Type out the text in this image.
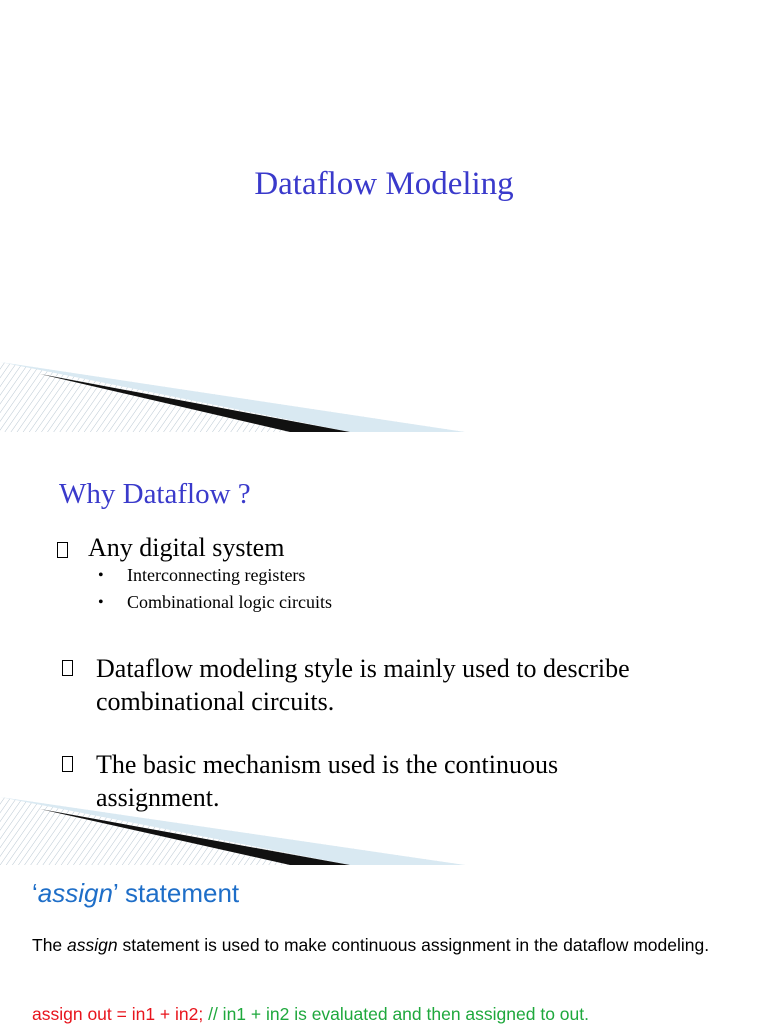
Dataflow Modeling
Why Dataflow ?
Any digital system
•	Interconnecting registers
•	Combinational logic circuits
Dataflow modeling style is mainly used to describe combinational circuits.
The basic mechanism used is the continuous assignment.
‘assign’ statement

The assign statement is used to make continuous assignment in the dataflow modeling.

assign out = in1 + in2; // in1 + in2 is evaluated and then assigned to out.
